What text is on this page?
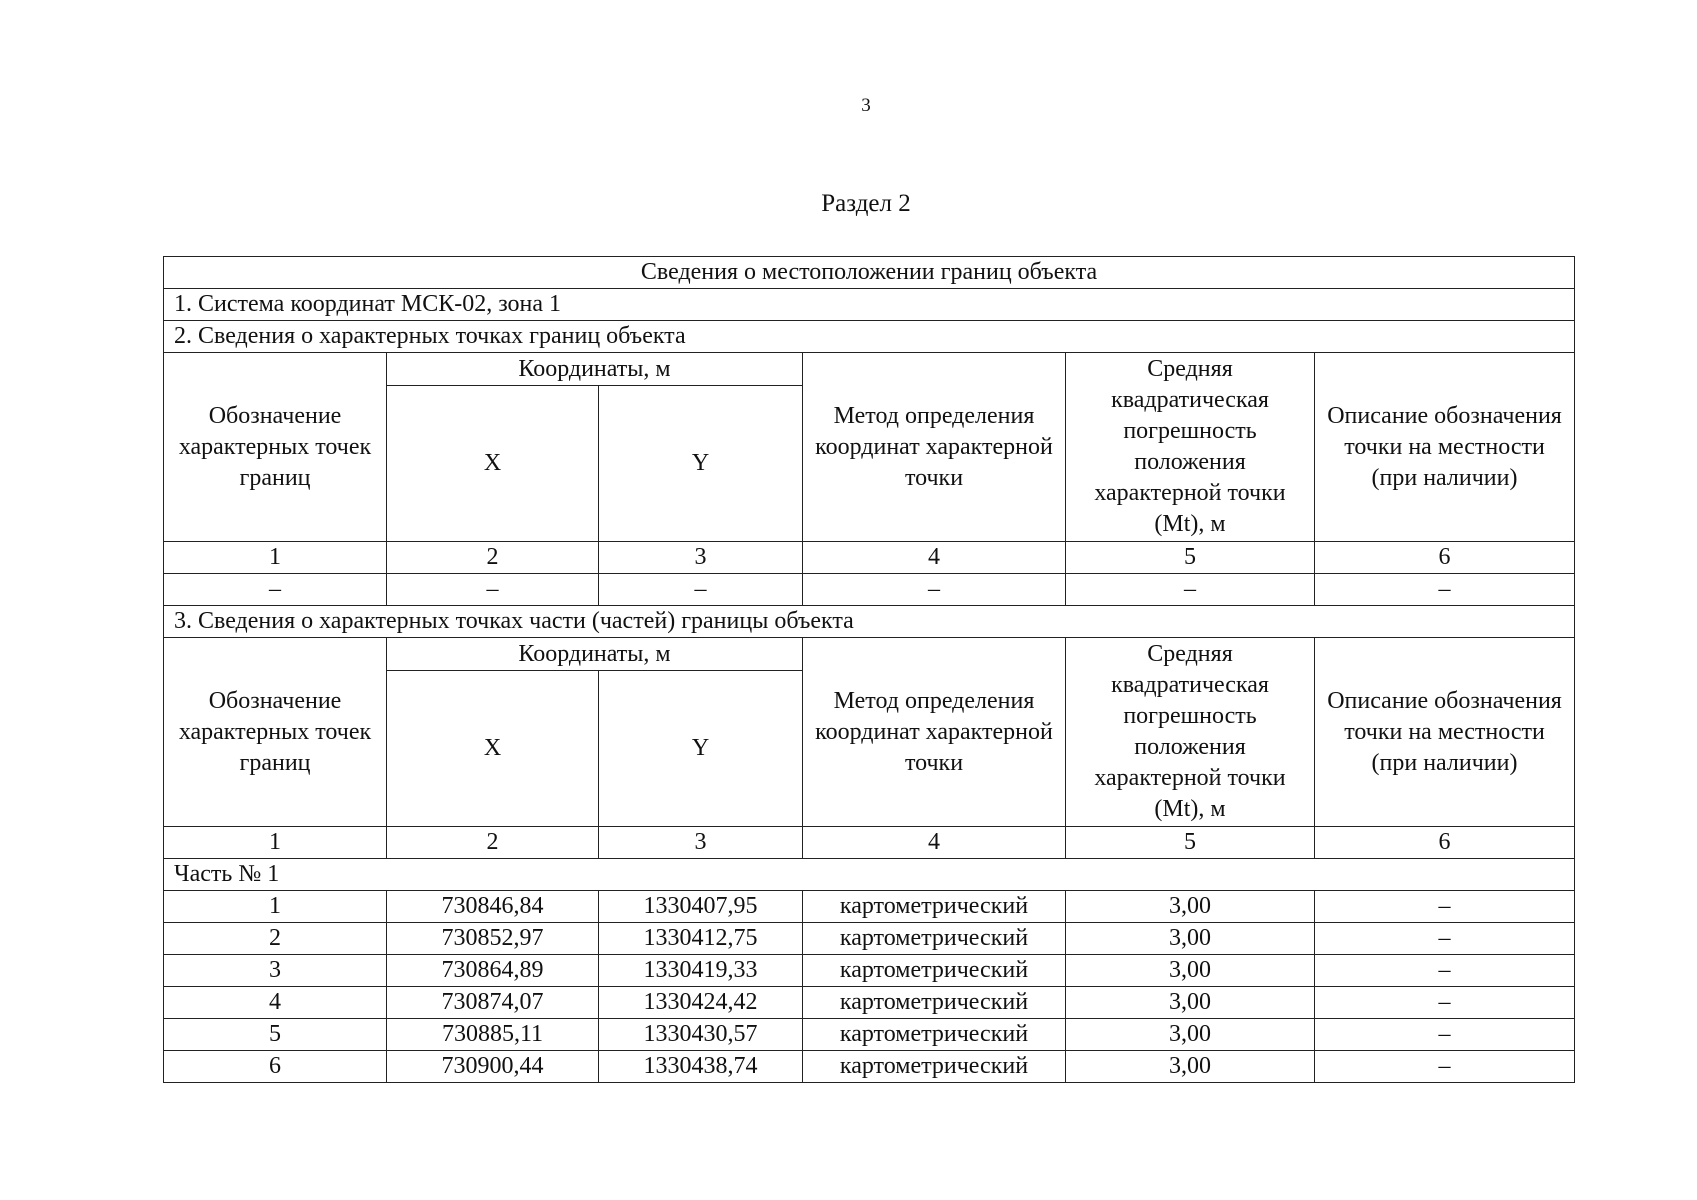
3
Раздел 2
Сведения о местоположении границ объекта					
1. Система координат МСК-02, зона 1					
2. Сведения о характерных точках границ объекта					
Обозначение характерных точек границ	Координаты, м		Метод определения координат характерной точки	Средняя квадратическая погрешность положения характерной точки (Mt), м	Описание обозначения точки на местности (при наличии)
	X	Y			
1	2	3	4	5	6
–	–	–	–	–	–
3. Сведения о характерных точках части (частей) границы объекта					
Обозначение характерных точек границ	Координаты, м		Метод определения координат характерной точки	Средняя квадратическая погрешность положения характерной точки (Mt), м	Описание обозначения точки на местности (при наличии)
	X	Y			
1	2	3	4	5	6
Часть № 1					
1	730846,84	1330407,95	картометрический	3,00	–
2	730852,97	1330412,75	картометрический	3,00	–
3	730864,89	1330419,33	картометрический	3,00	–
4	730874,07	1330424,42	картометрический	3,00	–
5	730885,11	1330430,57	картометрический	3,00	–
6	730900,44	1330438,74	картометрический	3,00	–
